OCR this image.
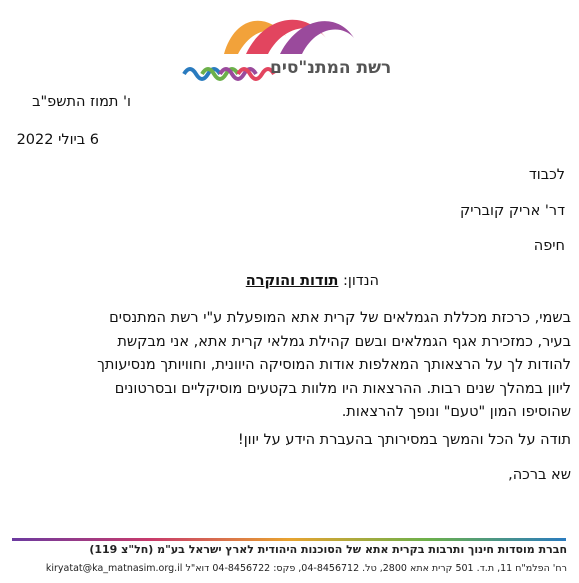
רשת המתנ"סים
ו' תמוז התשפ"ב
6 ביולי 2022
לכבוד
דר' אריק קובריק
חיפה
הנדון: תודות והוקרה
בשמי, כרכזת מכללת הגמלאים של קרית אתא המופעלת ע"י רשת המתנסים
בעיר, כמזכירת אגף הגמלאים ובשם קהילת גמלאי קרית אתא, אני מבקשת
להודות לך על הרצאותך המאלפות אודות המוסיקה היוונית, וחוויותך מנסיעותך
ליוון במהלך שנים רבות. ההרצאות היו מלוות בקטעים מוסיקליים ובסרטונים
שהוסיפו המון "טעם" ונופך להרצאות.
תודה על הכל והמשך במסירותך בהעברת הידע על יוון!
שא ברכה,
חברת מוסדות חינוך ותרבות בקרית אתא של הסוכנות היהודית לארץ ישראל בע"מ (חל"צ 119)
רח' הפלמ"ח 11, ת.ד. 501 קרית אתא 2800, טל. 04-8456712, פקס: 04-8456722 דוא"ל kiryatat@ka_matnasim.org.il
